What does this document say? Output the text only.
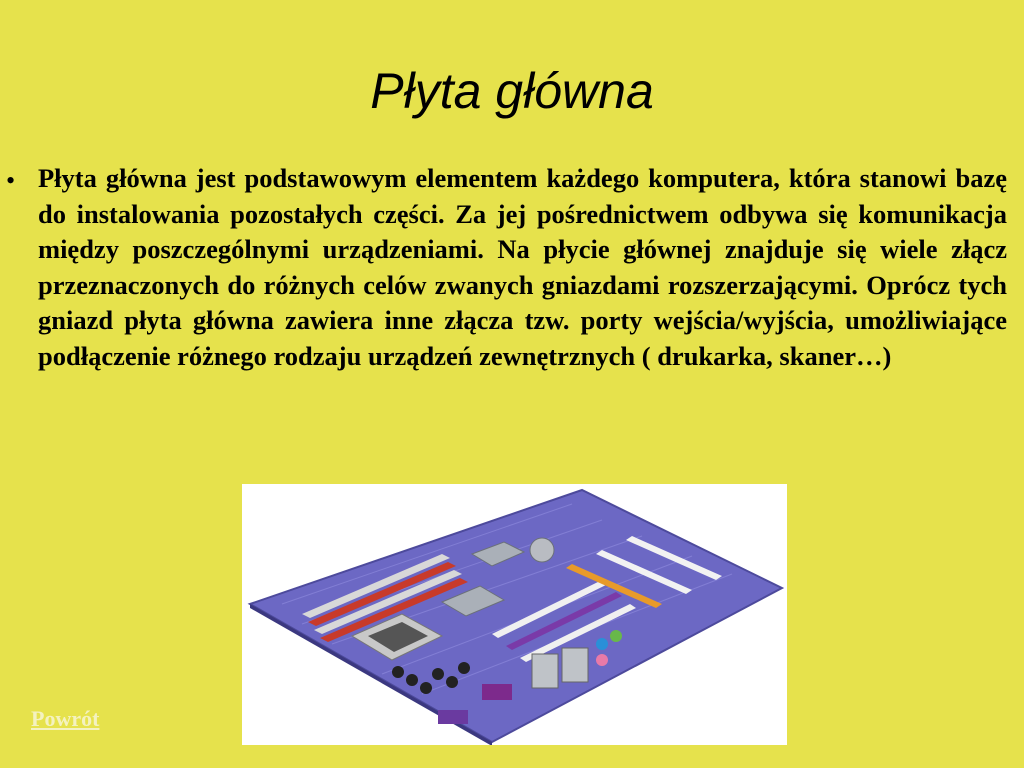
Płyta główna
• Płyta główna jest podstawowym elementem każdego komputera, która stanowi bazę do instalowania pozostałych części. Za jej pośrednictwem odbywa się komunikacja między poszczególnymi urządzeniami. Na płycie głównej znajduje się wiele złącz przeznaczonych do różnych celów zwanych gniazdami rozszerzającymi. Oprócz tych gniazd płyta główna zawiera inne złącza tzw. porty wejścia/wyjścia, umożliwiające podłączenie różnego rodzaju urządzeń zewnętrznych ( drukarka, skaner…)

Powrót
